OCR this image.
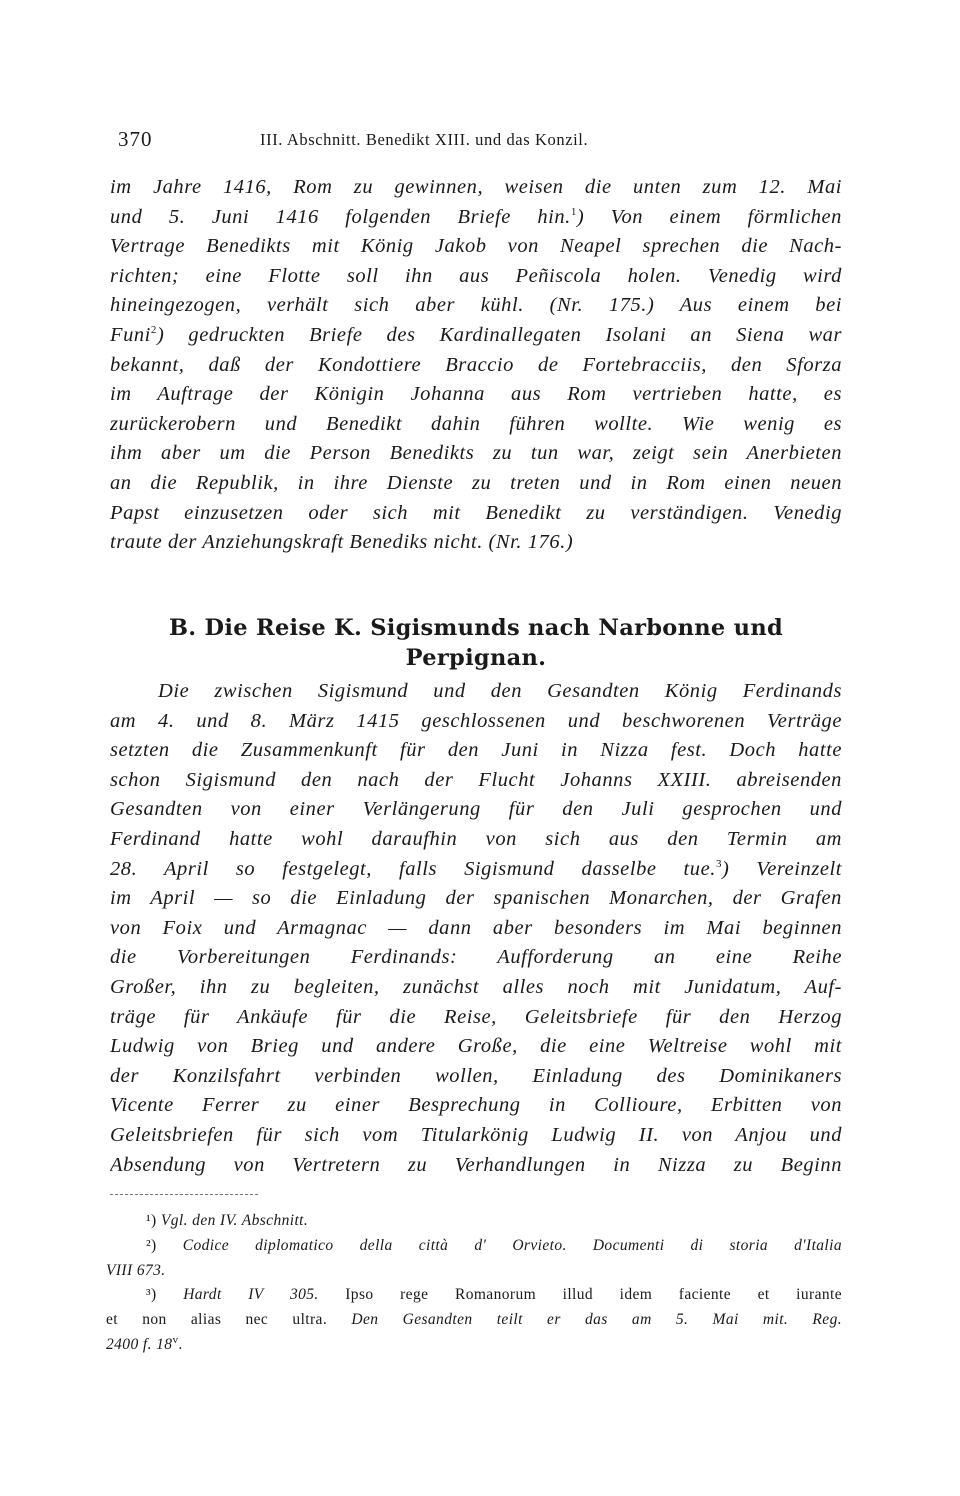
370	III. Abschnitt. Benedikt XIII. und das Konzil.
im Jahre 1416, Rom zu gewinnen, weisen die unten zum 12. Mai
und 5. Juni 1416 folgenden Briefe hin.$^1$) Von einem förmlichen
Vertrage Benedikts mit König Jakob von Neapel sprechen die Nach-
richten; eine Flotte soll ihn aus Peñiscola holen. Venedig wird
hineingezogen, verhält sich aber kühl. (Nr. 175.) Aus einem bei
Funi$^2$) gedruckten Briefe des Kardinallegaten Isolani an Siena war
bekannt, daß der Kondottiere Braccio de Fortebracciis, den Sforza
im Auftrage der Königin Johanna aus Rom vertrieben hatte, es
zurückerobern und Benedikt dahin führen wollte. Wie wenig es
ihm aber um die Person Benedikts zu tun war, zeigt sein Anerbieten
an die Republik, in ihre Dienste zu treten und in Rom einen neuen
Papst einzusetzen oder sich mit Benedikt zu verständigen. Venedig
traute der Anziehungskraft Benediks nicht. (Nr. 176.)
B. Die Reise K. Sigismunds nach Narbonne und
Perpignan.
Die zwischen Sigismund und den Gesandten König Ferdinands
am 4. und 8. März 1415 geschlossenen und beschworenen Verträge
setzten die Zusammenkunft für den Juni in Nizza fest. Doch hatte
schon Sigismund den nach der Flucht Johanns XXIII. abreisenden
Gesandten von einer Verlängerung für den Juli gesprochen und
Ferdinand hatte wohl daraufhin von sich aus den Termin am
28. April so festgelegt, falls Sigismund dasselbe tue.$^3$) Vereinzelt
im April — so die Einladung der spanischen Monarchen, der Grafen
von Foix und Armagnac — dann aber besonders im Mai beginnen
die Vorbereitungen Ferdinands: Aufforderung an eine Reihe
Großer, ihn zu begleiten, zunächst alles noch mit Junidatum, Auf-
träge für Ankäufe für die Reise, Geleitsbriefe für den Herzog
Ludwig von Brieg und andere Große, die eine Weltreise wohl mit
der Konzilsfahrt verbinden wollen, Einladung des Dominikaners
Vicente Ferrer zu einer Besprechung in Collioure, Erbitten von
Geleitsbriefen für sich vom Titularkönig Ludwig II. von Anjou und
Absendung von Vertretern zu Verhandlungen in Nizza zu Beginn
¹) Vgl. den IV. Abschnitt.
²) Codice diplomatico della città d' Orvieto. Documenti di storia d'Italia
VIII 673.
³) Hardt IV 305. Ipso rege Romanorum illud idem faciente et iurante
et non alias nec ultra. Den Gesandten teilt er das am 5. Mai mit. Reg.
2400 f. 18$^v$.
